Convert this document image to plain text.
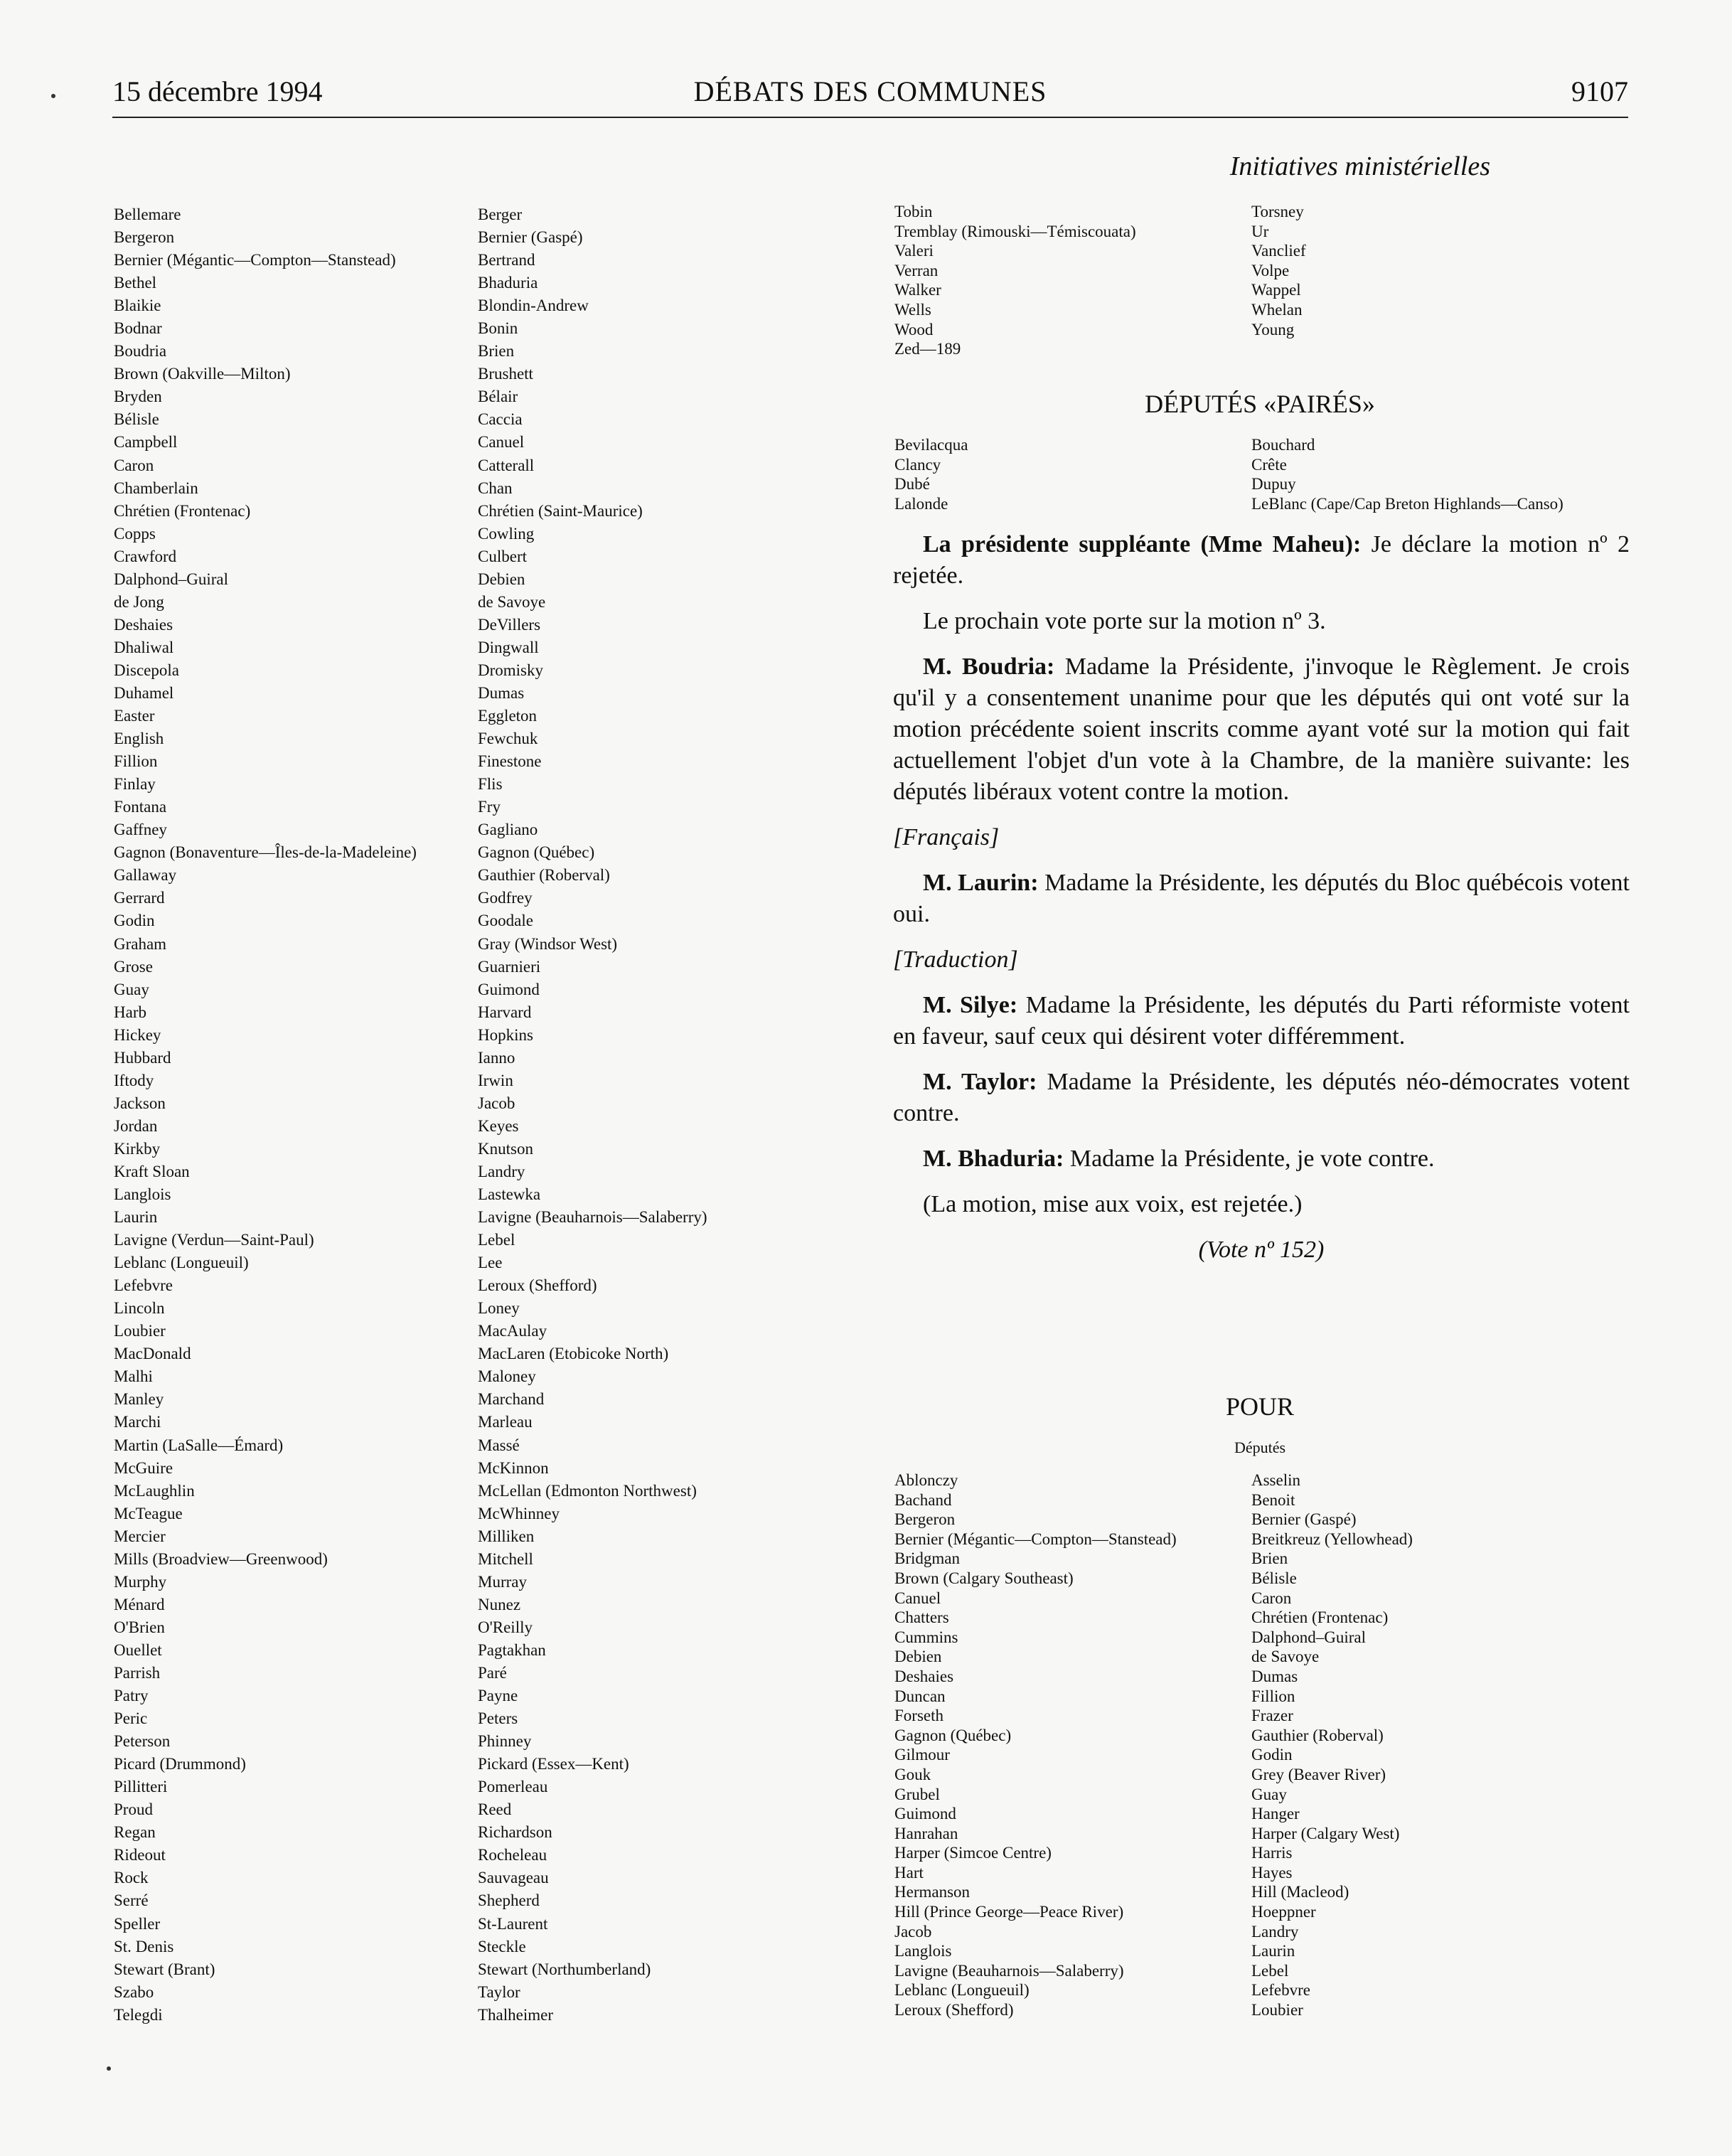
15 décembre 1994	DÉBATS DES COMMUNES	9107
Initiatives ministérielles
Bellemare
Bergeron
Bernier (Mégantic—Compton—Stanstead)
Bethel
Blaikie
Bodnar
Boudria
Brown (Oakville—Milton)
Bryden
Bélisle
Campbell
Caron
Chamberlain
Chrétien (Frontenac)
Copps
Crawford
Dalphond–Guiral
de Jong
Deshaies
Dhaliwal
Discepola
Duhamel
Easter
English
Fillion
Finlay
Fontana
Gaffney
Gagnon (Bonaventure—Îles-de-la-Madeleine)
Gallaway
Gerrard
Godin
Graham
Grose
Guay
Harb
Hickey
Hubbard
Iftody
Jackson
Jordan
Kirkby
Kraft Sloan
Langlois
Laurin
Lavigne (Verdun—Saint-Paul)
Leblanc (Longueuil)
Lefebvre
Lincoln
Loubier
MacDonald
Malhi
Manley
Marchi
Martin (LaSalle—Émard)
McGuire
McLaughlin
McTeague
Mercier
Mills (Broadview—Greenwood)
Murphy
Ménard
O'Brien
Ouellet
Parrish
Patry
Peric
Peterson
Picard (Drummond)
Pillitteri
Proud
Regan
Rideout
Rock
Serré
Speller
St. Denis
Stewart (Brant)
Szabo
Telegdi
Berger
Bernier (Gaspé)
Bertrand
Bhaduria
Blondin-Andrew
Bonin
Brien
Brushett
Bélair
Caccia
Canuel
Catterall
Chan
Chrétien (Saint-Maurice)
Cowling
Culbert
Debien
de Savoye
DeVillers
Dingwall
Dromisky
Dumas
Eggleton
Fewchuk
Finestone
Flis
Fry
Gagliano
Gagnon (Québec)
Gauthier (Roberval)
Godfrey
Goodale
Gray (Windsor West)
Guarnieri
Guimond
Harvard
Hopkins
Ianno
Irwin
Jacob
Keyes
Knutson
Landry
Lastewka
Lavigne (Beauharnois—Salaberry)
Lebel
Lee
Leroux (Shefford)
Loney
MacAulay
MacLaren (Etobicoke North)
Maloney
Marchand
Marleau
Massé
McKinnon
McLellan (Edmonton Northwest)
McWhinney
Milliken
Mitchell
Murray
Nunez
O'Reilly
Pagtakhan
Paré
Payne
Peters
Phinney
Pickard (Essex—Kent)
Pomerleau
Reed
Richardson
Rocheleau
Sauvageau
Shepherd
St-Laurent
Steckle
Stewart (Northumberland)
Taylor
Thalheimer
Tobin
Tremblay (Rimouski—Témiscouata)
Valeri
Verran
Walker
Wells
Wood
Zed—189
Torsney
Ur
Vanclief
Volpe
Wappel
Whelan
Young
DÉPUTÉS «PAIRÉS»
Bevilacqua
Clancy
Dubé
Lalonde
Bouchard
Crête
Dupuy
LeBlanc (Cape/Cap Breton Highlands—Canso)

La présidente suppléante (Mme Maheu): Je déclare la motion nº 2 rejetée.

Le prochain vote porte sur la motion nº 3.

M. Boudria: Madame la Présidente, j'invoque le Règlement. Je crois qu'il y a consentement unanime pour que les députés qui ont voté sur la motion précédente soient inscrits comme ayant voté sur la motion qui fait actuellement l'objet d'un vote à la Chambre, de la manière suivante: les députés libéraux votent contre la motion.

[Français]

M. Laurin: Madame la Présidente, les députés du Bloc québécois votent oui.

[Traduction]

M. Silye: Madame la Présidente, les députés du Parti réformiste votent en faveur, sauf ceux qui désirent voter différemment.

M. Taylor: Madame la Présidente, les députés néo-démocrates votent contre.

M. Bhaduria: Madame la Présidente, je vote contre.

(La motion, mise aux voix, est rejetée.)

(Vote nº 152)

POUR
Députés
Ablonczy
Bachand
Bergeron
Bernier (Mégantic—Compton—Stanstead)
Bridgman
Brown (Calgary Southeast)
Canuel
Chatters
Cummins
Debien
Deshaies
Duncan
Forseth
Gagnon (Québec)
Gilmour
Gouk
Grubel
Guimond
Hanrahan
Harper (Simcoe Centre)
Hart
Hermanson
Hill (Prince George—Peace River)
Jacob
Langlois
Lavigne (Beauharnois—Salaberry)
Leblanc (Longueuil)
Leroux (Shefford)
Asselin
Benoit
Bernier (Gaspé)
Breitkreuz (Yellowhead)
Brien
Bélisle
Caron
Chrétien (Frontenac)
Dalphond–Guiral
de Savoye
Dumas
Fillion
Frazer
Gauthier (Roberval)
Godin
Grey (Beaver River)
Guay
Hanger
Harper (Calgary West)
Harris
Hayes
Hill (Macleod)
Hoeppner
Landry
Laurin
Lebel
Lefebvre
Loubier
